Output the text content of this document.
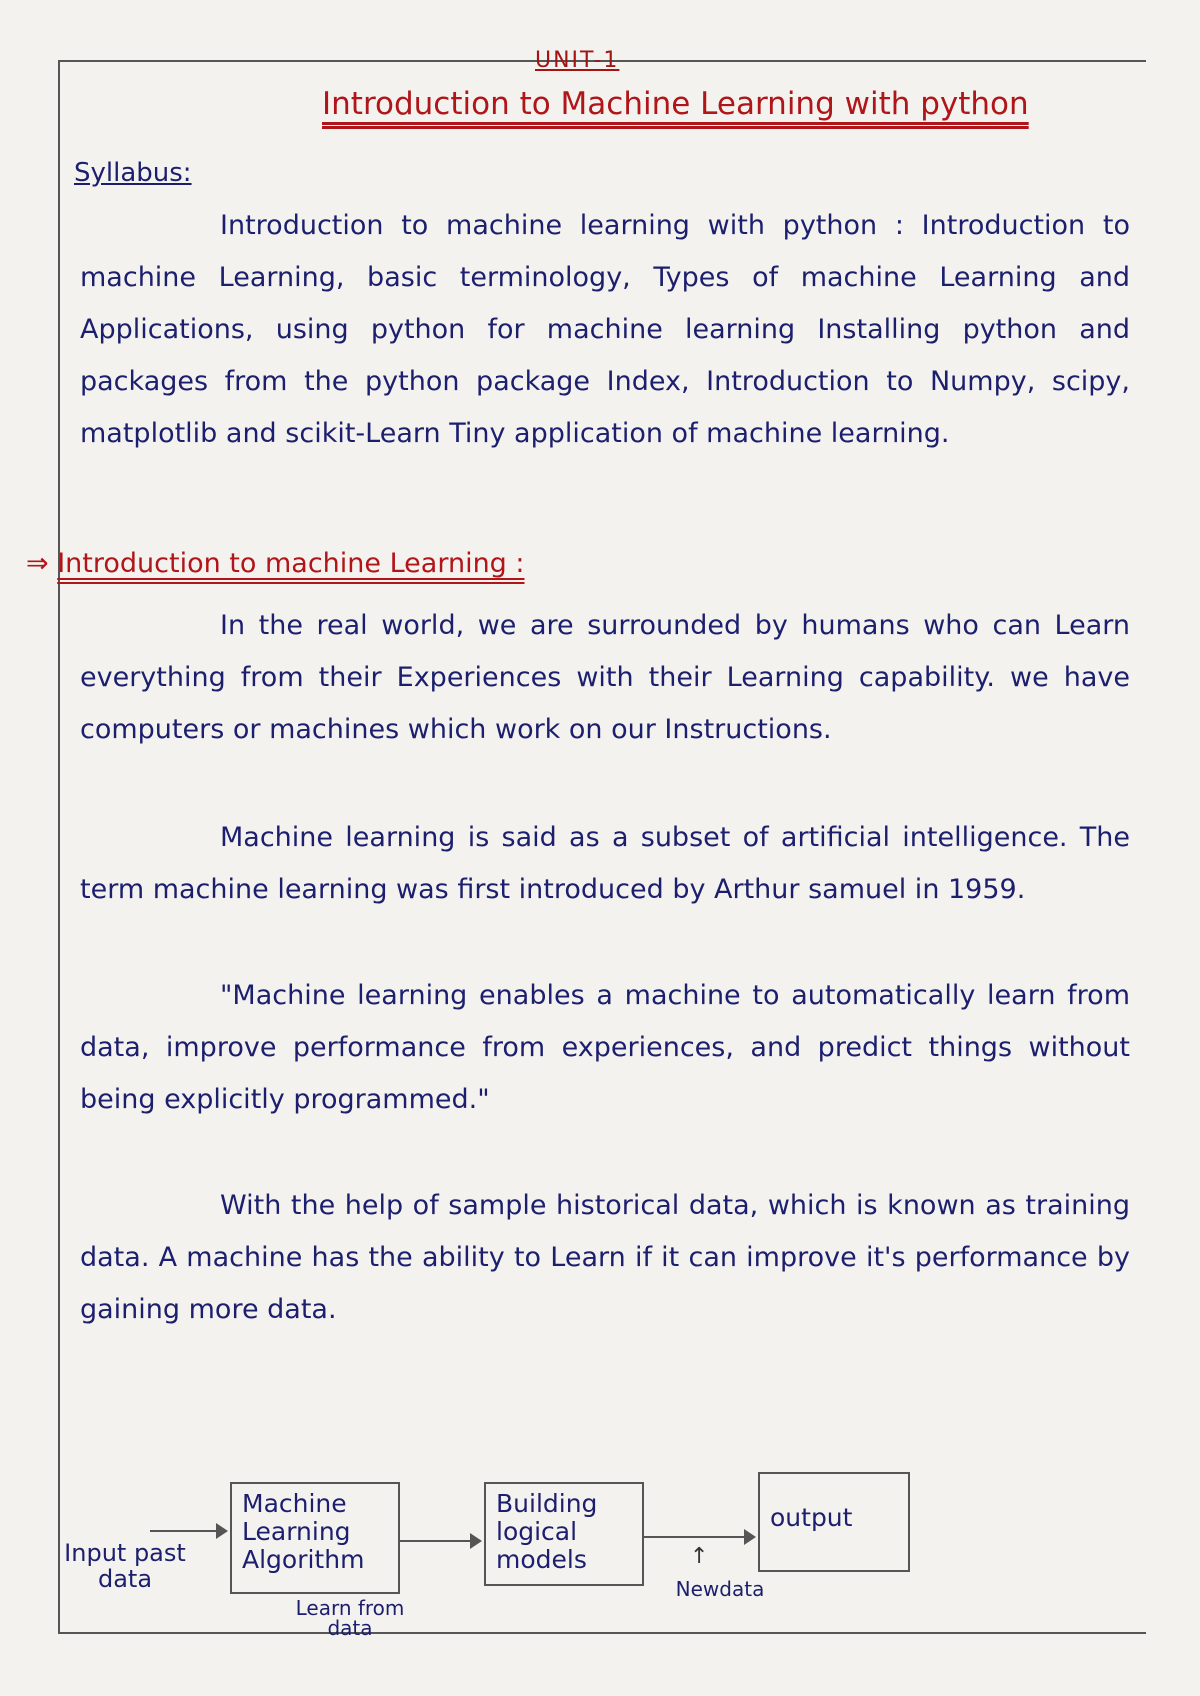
UNIT-1
Introduction to Machine Learning with python
Syllabus:
Introduction to machine learning with python : Introduction to machine Learning, basic terminology, Types of machine Learning and Applications, using python for machine learning Installing python and packages from the python package Index, Introduction to Numpy, scipy, matplotlib and scikit-Learn Tiny application of machine learning.
⇒ Introduction to machine Learning :
In the real world, we are surrounded by humans who can Learn everything from their Experiences with their Learning capability. we have computers or machines which work on our Instructions.
Machine learning is said as a subset of artificial intelligence. The term machine learning was first introduced by Arthur samuel in 1959.
"Machine learning enables a machine to automatically learn from data, improve performance from experiences, and predict things without being explicitly programmed."
With the help of sample historical data, which is known as training data. A machine has the ability to Learn if it can improve it's performance by gaining more data.
Input past data
Machine Learning Algorithm
Learn from data
Building logical models	↑
Newdata
output
